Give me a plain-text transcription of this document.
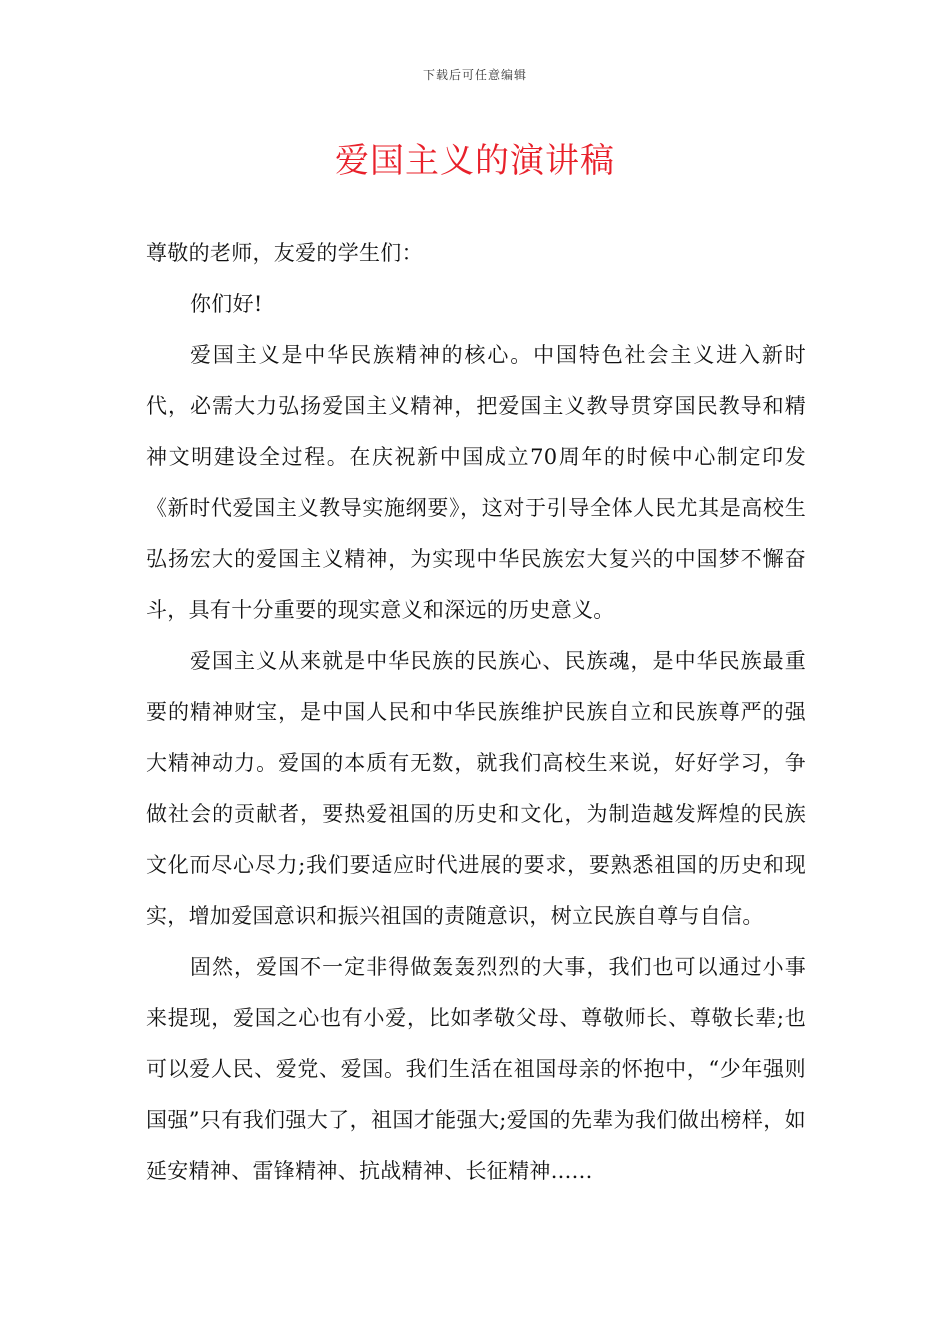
下载后可任意编辑
爱国主义的演讲稿

尊敬的老师，友爱的学生们：

你们好!

爱国主义是中华民族精神的核心。中国特色社会主义进入新时代，必需大力弘扬爱国主义精神，把爱国主义教导贯穿国民教导和精神文明建设全过程。在庆祝新中国成立70周年的时候中心制定印发《新时代爱国主义教导实施纲要》，这对于引导全体人民尤其是高校生弘扬宏大的爱国主义精神，为实现中华民族宏大复兴的中国梦不懈奋斗，具有十分重要的现实意义和深远的历史意义。

爱国主义从来就是中华民族的民族心、民族魂，是中华民族最重要的精神财宝，是中国人民和中华民族维护民族自立和民族尊严的强大精神动力。爱国的本质有无数，就我们高校生来说，好好学习，争做社会的贡献者，要热爱祖国的历史和文化，为制造越发辉煌的民族文化而尽心尽力;我们要适应时代进展的要求，要熟悉祖国的历史和现实，增加爱国意识和振兴祖国的责随意识，树立民族自尊与自信。

固然，爱国不一定非得做轰轰烈烈的大事，我们也可以通过小事来提现，爱国之心也有小爱，比如孝敬父母、尊敬师长、尊敬长辈;也可以爱人民、爱党、爱国。我们生活在祖国母亲的怀抱中，“少年强则国强”只有我们强大了，祖国才能强大;爱国的先辈为我们做出榜样，如延安精神、雷锋精神、抗战精神、长征精神......
